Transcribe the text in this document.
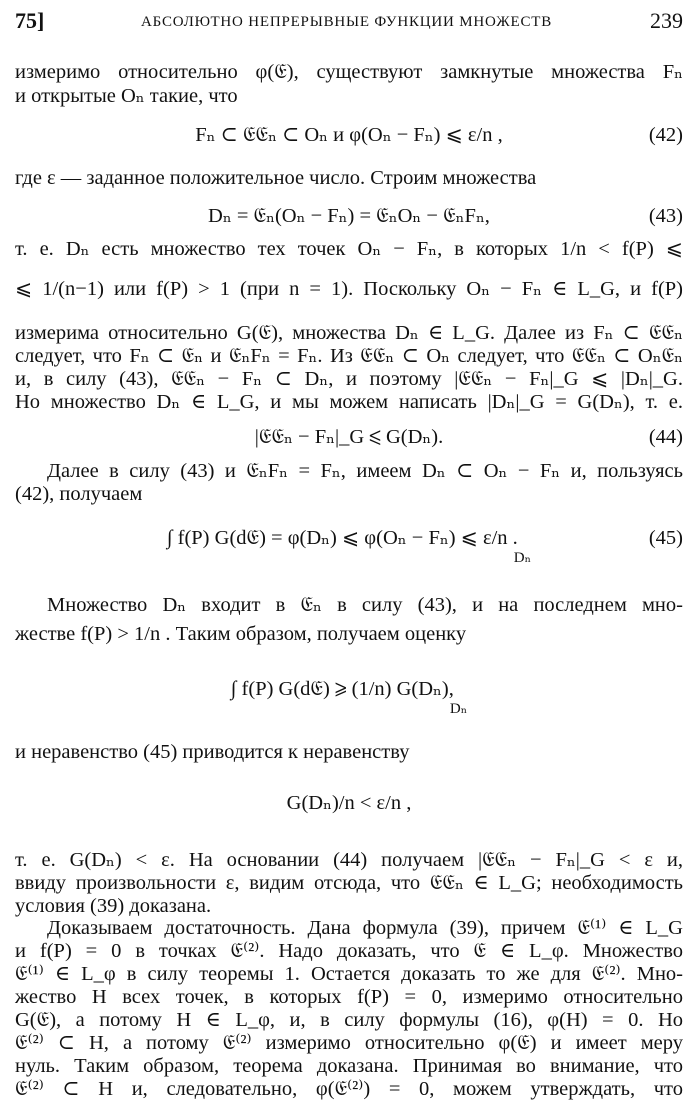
75]	АБСОЛЮТНО НЕПРЕРЫВНЫЕ ФУНКЦИИ МНОЖЕСТВ	239
измеримо относительно φ(𝔈), существуют замкнутые множества Fₙ
и открытые Oₙ такие, что
Fₙ ⊂ 𝔈𝔈ₙ ⊂ Oₙ и φ(Oₙ − Fₙ) ⩽ ε/n ,	(42)
где ε — заданное положительное число. Строим множества
Dₙ = 𝔈ₙ(Oₙ − Fₙ) = 𝔈ₙOₙ − 𝔈ₙFₙ,	(43)
т. е. Dₙ есть множество тех точек Oₙ − Fₙ, в которых 1/n < f(P) ⩽
⩽ 1/(n−1) или f(P) > 1 (при n = 1). Поскольку Oₙ − Fₙ ∈ L_G, и f(P)
измерима относительно G(𝔈), множества Dₙ ∈ L_G. Далее из Fₙ ⊂ 𝔈𝔈ₙ
следует, что Fₙ ⊂ 𝔈ₙ и 𝔈ₙFₙ = Fₙ. Из 𝔈𝔈ₙ ⊂ Oₙ следует, что 𝔈𝔈ₙ ⊂ Oₙ𝔈ₙ
и, в силу (43), 𝔈𝔈ₙ − Fₙ ⊂ Dₙ, и поэтому |𝔈𝔈ₙ − Fₙ|_G ⩽ |Dₙ|_G.
Но множество Dₙ ∈ L_G, и мы можем написать |Dₙ|_G = G(Dₙ), т. е.
|𝔈𝔈ₙ − Fₙ|_G ⩽ G(Dₙ).	(44)
Далее в силу (43) и 𝔈ₙFₙ = Fₙ, имеем Dₙ ⊂ Oₙ − Fₙ и, пользуясь
(42), получаем
∫ f(P) G(d𝔈) = φ(Dₙ) ⩽ φ(Oₙ − Fₙ) ⩽ ε/n $._{D_n}$
(45)
Множество Dₙ входит в 𝔈ₙ в силу (43), и на последнем мно-
жестве f(P) > 1/n . Таким образом, получаем оценку
∫ f(P) G(d𝔈) ⩾ (1/n) $G(D_n),_{D_n}$
и неравенство (45) приводится к неравенству
G(Dₙ)/n < ε/n ,
т. е. G(Dₙ) < ε. На основании (44) получаем |𝔈𝔈ₙ − Fₙ|_G < ε и,
ввиду произвольности ε, видим отсюда, что 𝔈𝔈ₙ ∈ L_G; необходимость
условия (39) доказана.
Доказываем достаточность. Дана формула (39), причем 𝔈⁽¹⁾ ∈ L_G
и f(P) = 0 в точках 𝔈⁽²⁾. Надо доказать, что 𝔈 ∈ L_φ. Множество
𝔈⁽¹⁾ ∈ L_φ в силу теоремы 1. Остается доказать то же для 𝔈⁽²⁾. Мно-
жество H всех точек, в которых f(P) = 0, измеримо относительно
G(𝔈), а потому H ∈ L_φ, и, в силу формулы (16), φ(H) = 0. Но
𝔈⁽²⁾ ⊂ H, а потому 𝔈⁽²⁾ измеримо относительно φ(𝔈) и имеет меру
нуль. Таким образом, теорема доказана. Принимая во внимание, что
𝔈⁽²⁾ ⊂ H и, следовательно, φ(𝔈⁽²⁾) = 0, можем утверждать, что
